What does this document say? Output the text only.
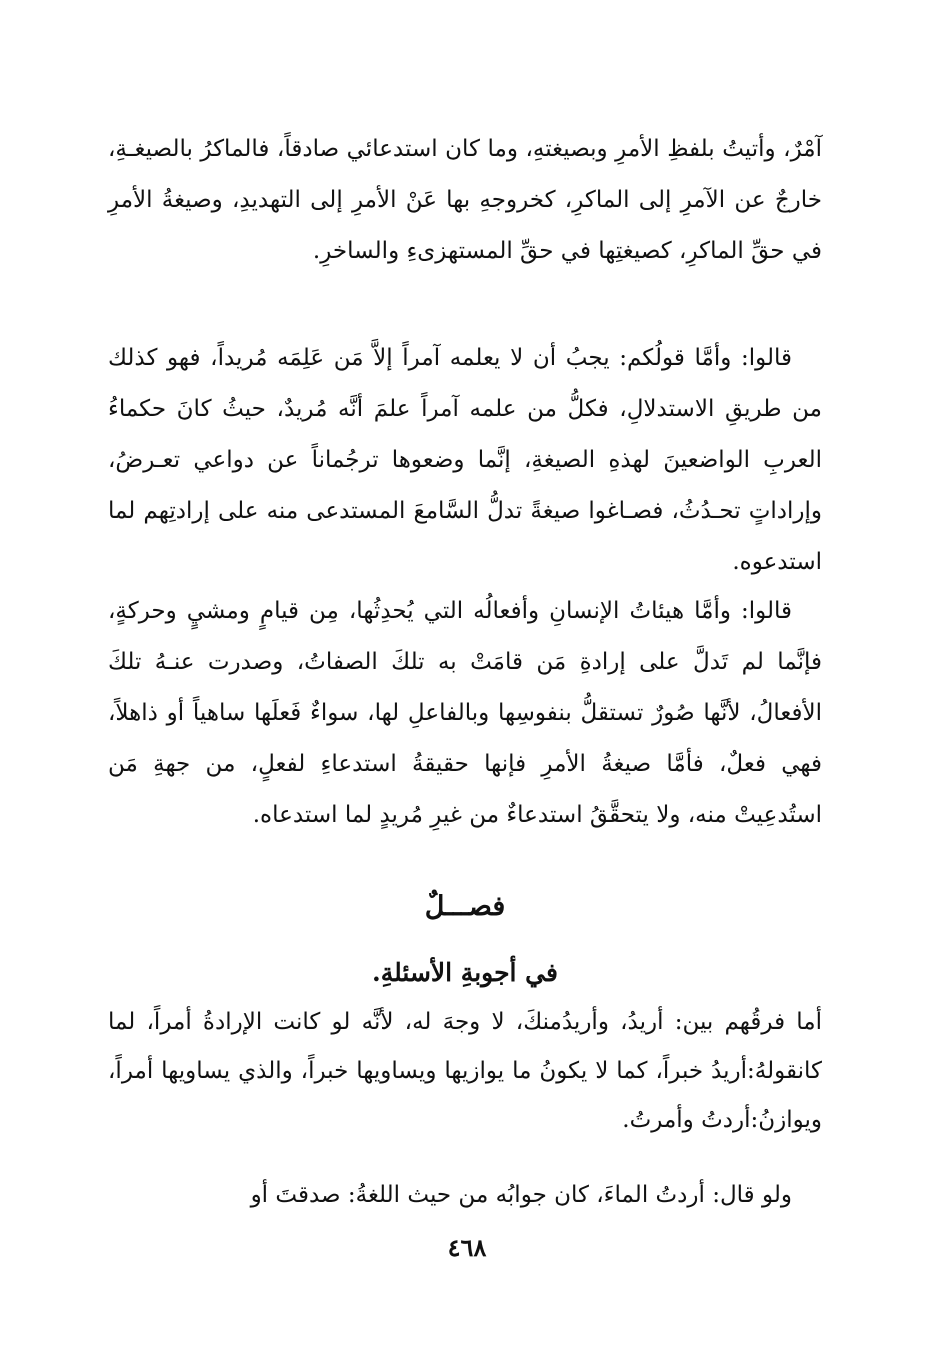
آمْرٌ، وأتيتُ بلفظِ الأمرِ وبصيغتهِ، وما كان استدعائي صادقاً، فالماكرُ بالصيغـةِ، خارجٌ عن الآمرِ إلى الماكرِ، كخروجهِ بها عَنْ الأمرِ إلى التهديدِ، وصيغةُ الأمرِ في حقِّ الماكرِ، كصيغتِها في حقِّ المستهزىءِ والساخرِ.

قالوا: وأمَّا قولُكم: يجبُ أن لا يعلمه آمراً إلاَّ مَن عَلِمَه مُريداً، فهو كذلك من طريقِ الاستدلالِ، فكلُّ من علمه آمراً علمَ أنَّه مُريدٌ، حيثُ كانَ حكماءُ العربِ الواضعينَ لهذهِ الصيغةِ، إنَّما وضعوها ترجُماناً عن دواعي تعـرضُ، وإراداتٍ تحـدُثُ، فصـاغوا صيغةً تدلُّ السَّامعَ المستدعى منه على إرادتِهم لما استدعوه.

قالوا: وأمَّا هيئاتُ الإنسانِ وأفعالُه التي يُحدِثُها، مِن قيامٍ ومشيٍ وحركةٍ، فإنَّما لم تَدلَّ على إرادةِ مَن قامَتْ به تلكَ الصفاتُ، وصدرت عنـهُ تلكَ الأفعالُ، لأنَّها صُورٌ تستقلُّ بنفوسِها وبالفاعلِ لها، سواءٌ فَعلَها ساهياً أو ذاهلاً، فهي فعلٌ، فأمَّا صيغةُ الأمرِ فإنها حقيقةُ استدعاءِ لفعلٍ، من جهةِ مَن استُدعِيتْ منه، ولا يتحقَّقُ استدعاءٌ من غيرِ مُريدٍ لما استدعاه.

فصـــلٌ
في أجوبةِ الأسئلةِ.

أما فرقُهم بين: أريدُ، وأريدُمنكَ، لا وجهَ له، لأنَّه لو كانت الإرادةُ أمراً، لما كانقولهُ:أريدُ خبراً، كما لا يكونُ ما يوازيها ويساويها خبراً، والذي يساويها أمراً، ويوازنُ:أردتُ وأمرتُ.

ولو قال: أردتُ الماءَ، كان جوابُه من حيث اللغةُ: صدقتَ أو

٤٦٨
